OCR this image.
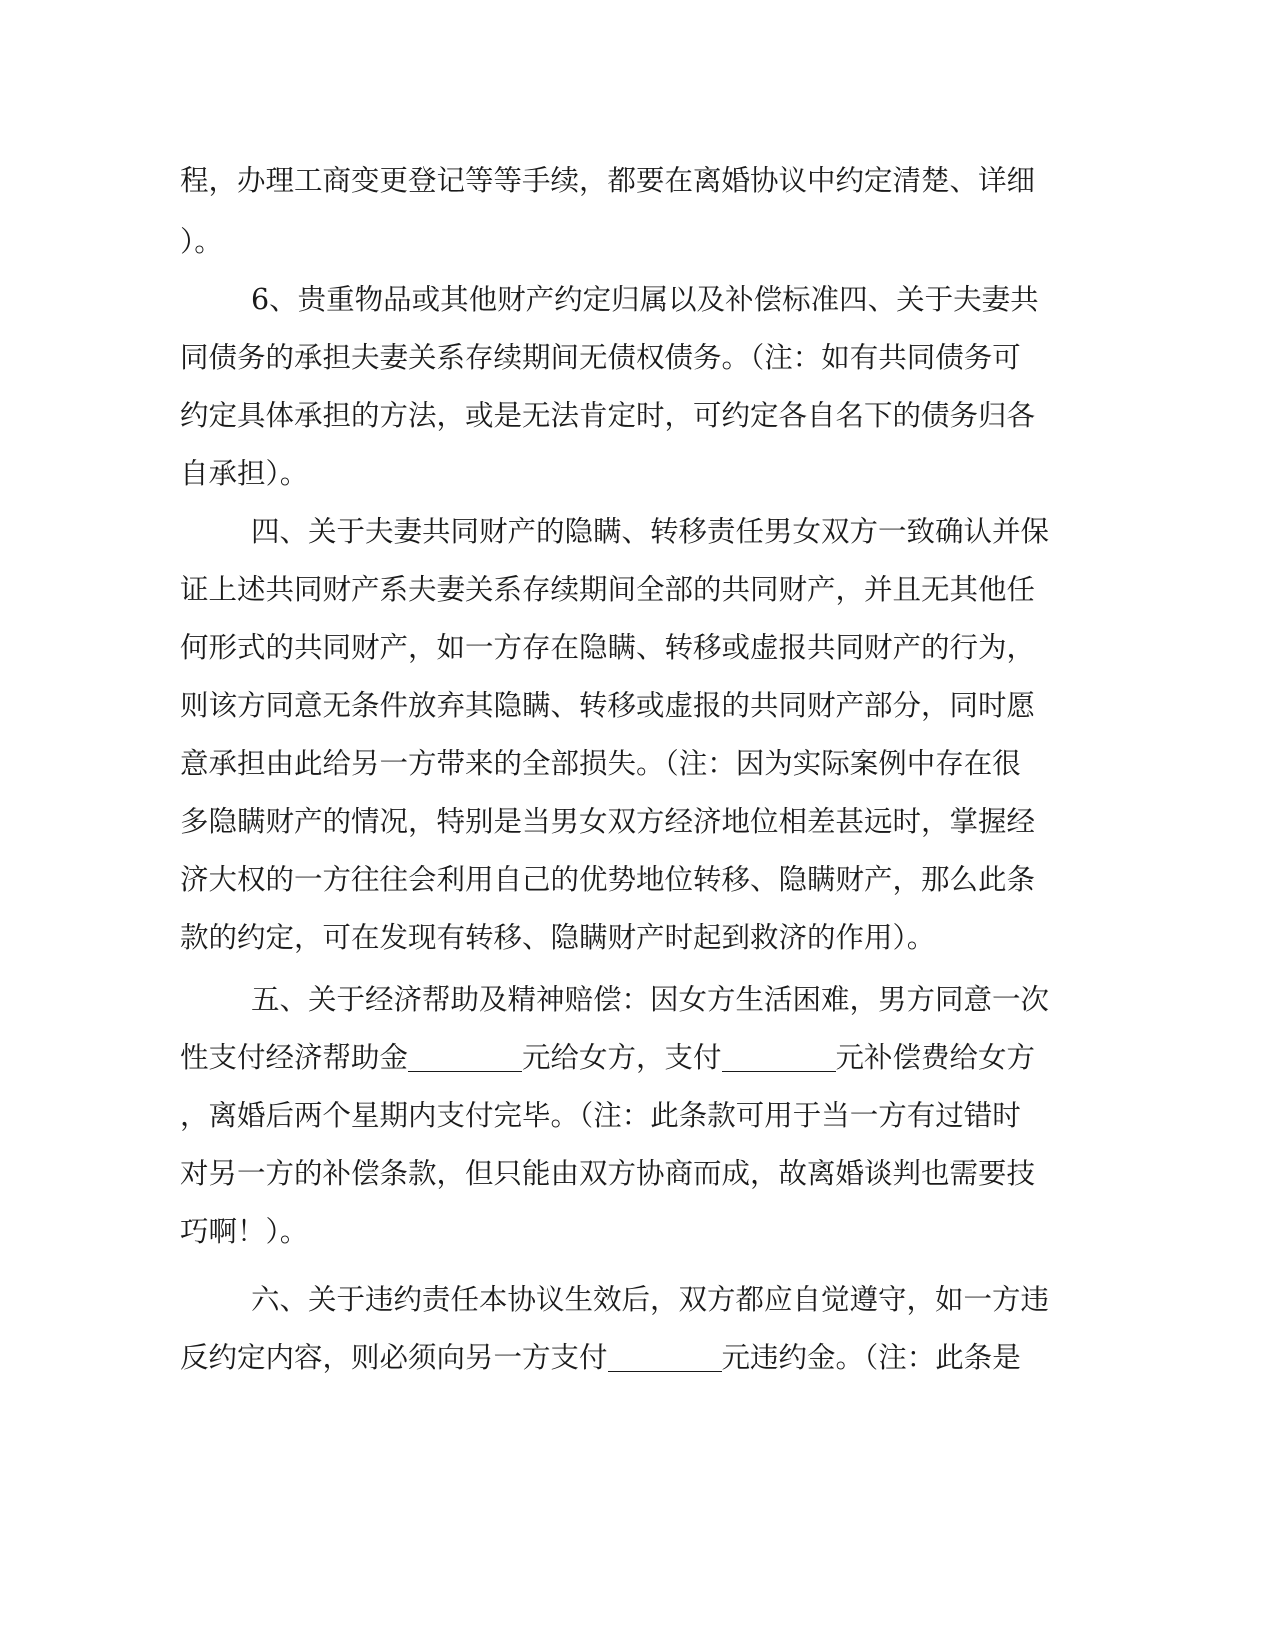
程，办理工商变更登记等等手续，都要在离婚协议中约定清楚、详细
）。
6、贵重物品或其他财产约定归属以及补偿标准四、关于夫妻共
同债务的承担夫妻关系存续期间无债权债务。（注：如有共同债务可
约定具体承担的方法，或是无法肯定时，可约定各自名下的债务归各
自承担）。
四、关于夫妻共同财产的隐瞒、转移责任男女双方一致确认并保
证上述共同财产系夫妻关系存续期间全部的共同财产，并且无其他任
何形式的共同财产，如一方存在隐瞒、转移或虚报共同财产的行为，
则该方同意无条件放弃其隐瞒、转移或虚报的共同财产部分，同时愿
意承担由此给另一方带来的全部损失。（注：因为实际案例中存在很
多隐瞒财产的情况，特别是当男女双方经济地位相差甚远时，掌握经
济大权的一方往往会利用自己的优势地位转移、隐瞒财产，那么此条
款的约定，可在发现有转移、隐瞒财产时起到救济的作用）。
五、关于经济帮助及精神赔偿：因女方生活困难，男方同意一次
性支付经济帮助金	元给女方，支付	元补偿费给女方
，离婚后两个星期内支付完毕。（注：此条款可用于当一方有过错时
对另一方的补偿条款，但只能由双方协商而成，故离婚谈判也需要技
巧啊！）。
六、关于违约责任本协议生效后，双方都应自觉遵守，如一方违
反约定内容，则必须向另一方支付	元违约金。（注：此条是
